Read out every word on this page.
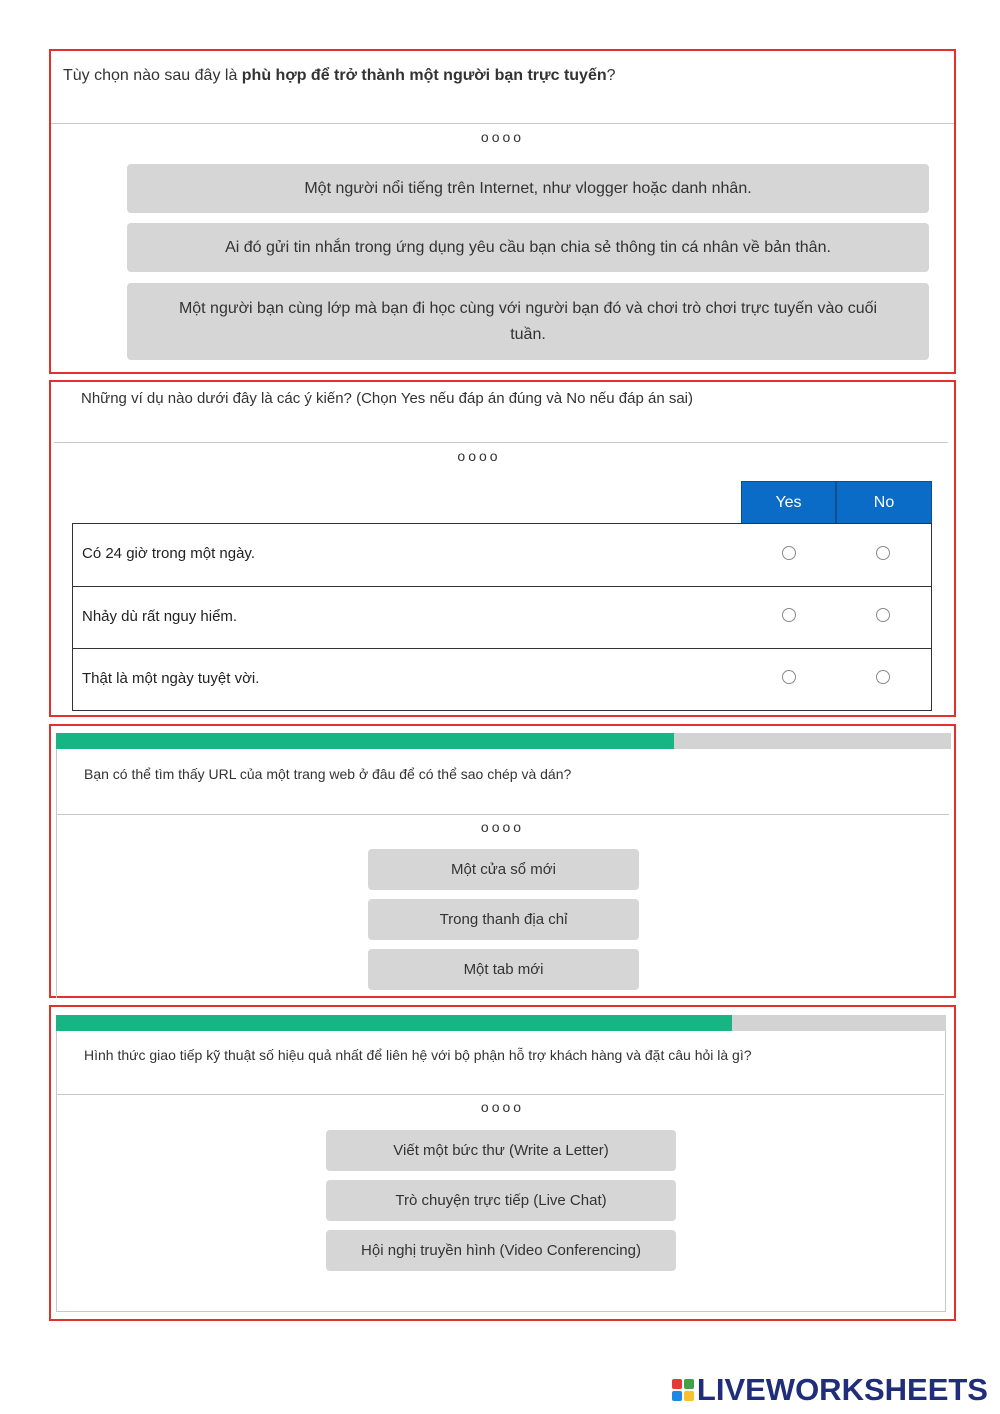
Tùy chọn nào sau đây là phù hợp để trở thành một người bạn trực tuyến?
oooo
Một người nổi tiếng trên Internet, như vlogger hoặc danh nhân.
Ai đó gửi tin nhắn trong ứng dụng yêu cầu bạn chia sẻ thông tin cá nhân về bản thân.
Một người bạn cùng lớp mà bạn đi học cùng với người bạn đó và chơi trò chơi trực tuyến vào cuối tuần.
Những ví dụ nào dưới đây là các ý kiến? (Chọn Yes nếu đáp án đúng và No nếu đáp án sai)
oooo
Yes	No
Có 24 giờ trong một ngày.
Nhảy dù rất nguy hiểm.
Thật là một ngày tuyệt vời.
Bạn có thể tìm thấy URL của một trang web ở đâu để có thể sao chép và dán?
oooo
Một cửa sổ mới
Trong thanh địa chỉ
Một tab mới
Hình thức giao tiếp kỹ thuật số hiệu quả nhất để liên hệ với bộ phận hỗ trợ khách hàng và đặt câu hỏi là gì?
oooo
Viết một bức thư (Write a Letter)
Trò chuyện trực tiếp (Live Chat)
Hội nghị truyền hình (Video Conferencing)
LIVEWORKSHEETS
